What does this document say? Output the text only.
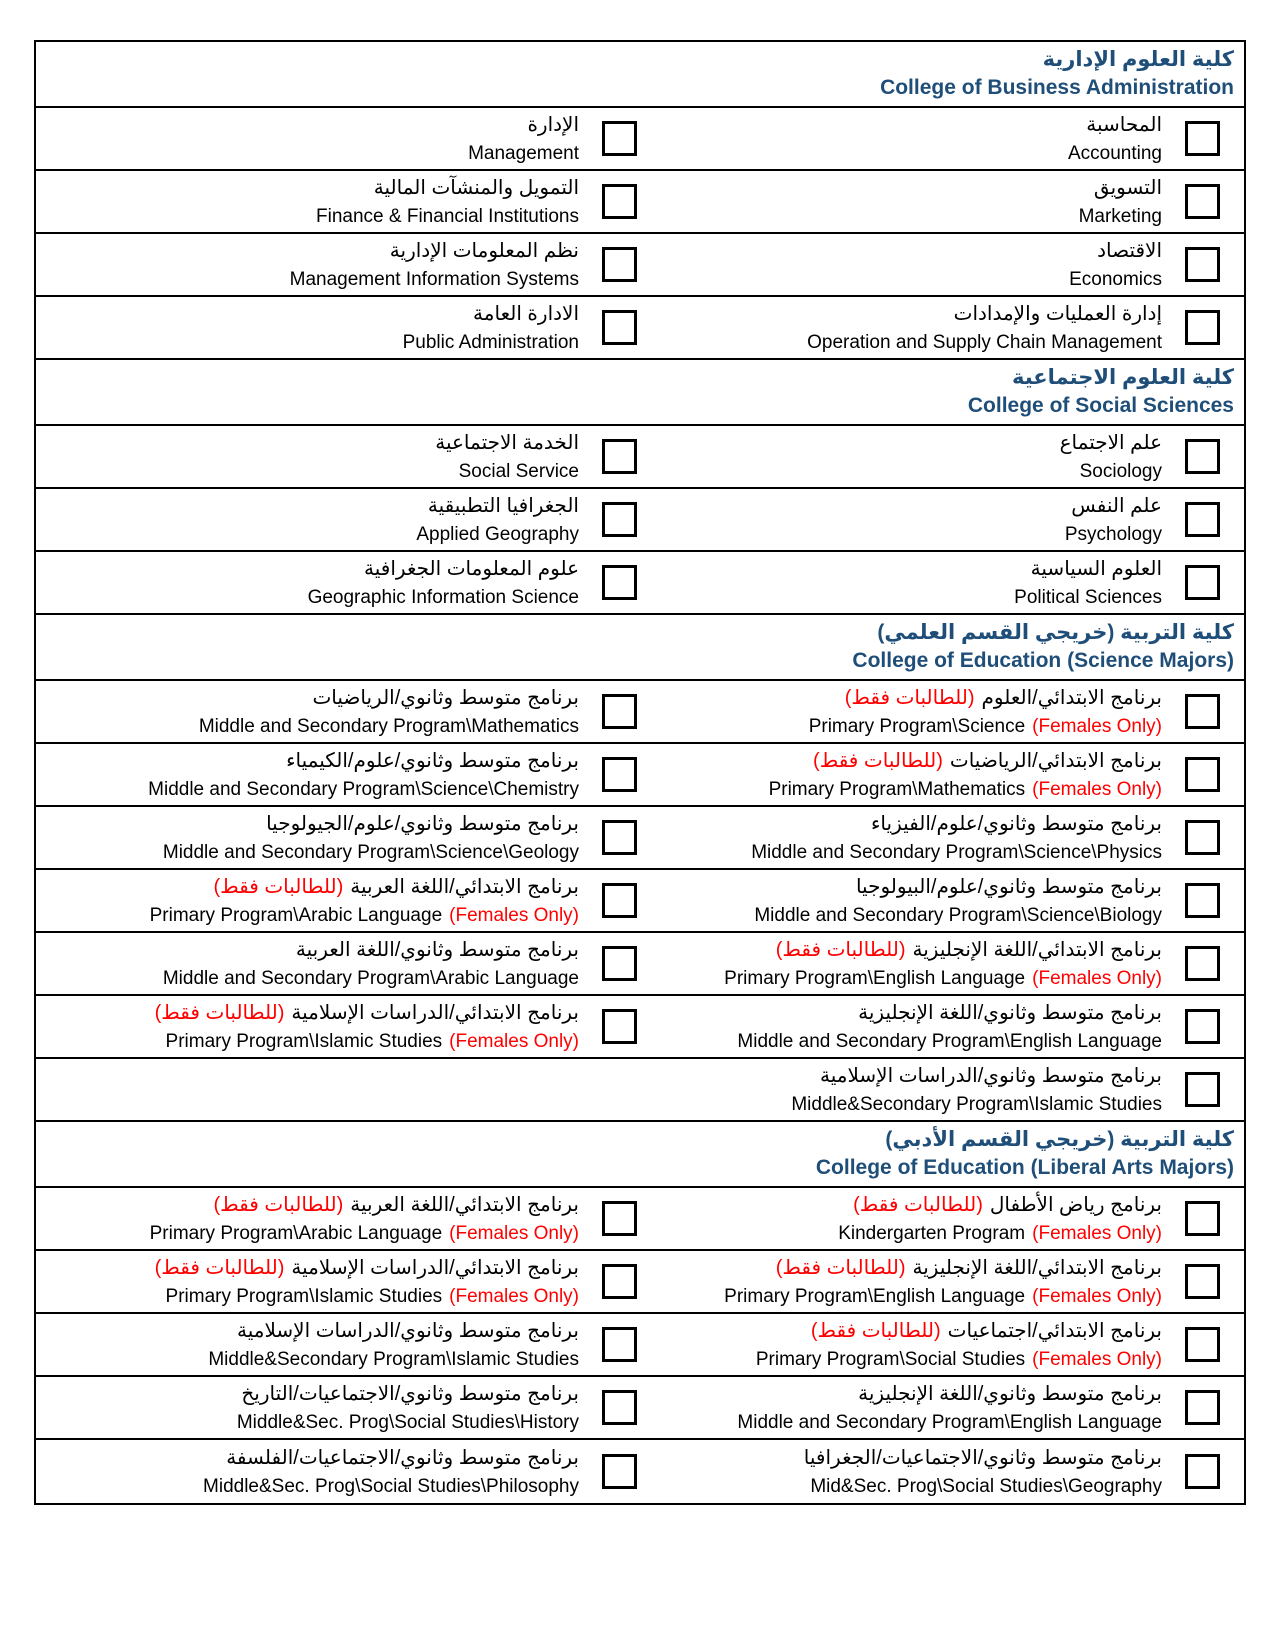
كلية العلوم الإدارية
College of Business Administration
الإدارة
Management
المحاسبة
Accounting
التمويل والمنشآت المالية
Finance & Financial Institutions
التسويق
Marketing
نظم المعلومات الإدارية
Management Information Systems
الاقتصاد
Economics
الادارة العامة
Public Administration
إدارة العمليات والإمدادات
Operation and Supply Chain Management
كلية العلوم الاجتماعية
College of Social Sciences
الخدمة الاجتماعية
Social Service
علم الاجتماع
Sociology
الجغرافيا التطبيقية
Applied Geography
علم النفس
Psychology
علوم المعلومات الجغرافية
Geographic Information Science
العلوم السياسية
Political Sciences
كلية التربية (خريجي القسم العلمي)
College of Education (Science Majors)
برنامج متوسط وثانوي/الرياضيات
Middle and Secondary Program\Mathematics
برنامج الابتدائي/العلوم(للطالبات فقط)
Primary Program\Science (Females Only)
برنامج متوسط وثانوي/علوم/الكيمياء
Middle and Secondary Program\Science\Chemistry
برنامج الابتدائي/الرياضيات(للطالبات فقط)
Primary Program\Mathematics (Females Only)
برنامج متوسط وثانوي/علوم/الجيولوجيا
Middle and Secondary Program\Science\Geology
برنامج متوسط وثانوي/علوم/الفيزياء
Middle and Secondary Program\Science\Physics
برنامج الابتدائي/اللغة العربية(للطالبات فقط)
Primary Program\Arabic Language (Females Only)
برنامج متوسط وثانوي/علوم/البيولوجيا
Middle and Secondary Program\Science\Biology
برنامج متوسط وثانوي/اللغة العربية
Middle and Secondary Program\Arabic Language
برنامج الابتدائي/اللغة الإنجليزية(للطالبات فقط)
Primary Program\English Language (Females Only)
برنامج الابتدائي/الدراسات الإسلامية(للطالبات فقط)
Primary Program\Islamic Studies (Females Only)
برنامج متوسط وثانوي/اللغة الإنجليزية
Middle and Secondary Program\English Language
برنامج متوسط وثانوي/الدراسات الإسلامية
Middle&Secondary Program\Islamic Studies
كلية التربية (خريجي القسم الأدبي)
College of Education (Liberal Arts Majors)
برنامج الابتدائي/اللغة العربية(للطالبات فقط)
Primary Program\Arabic Language (Females Only)
برنامج رياض الأطفال(للطالبات فقط)
Kindergarten Program (Females Only)
برنامج الابتدائي/الدراسات الإسلامية(للطالبات فقط)
Primary Program\Islamic Studies (Females Only)
برنامج الابتدائي/اللغة الإنجليزية(للطالبات فقط)
Primary Program\English Language (Females Only)
برنامج متوسط وثانوي/الدراسات الإسلامية
Middle&Secondary Program\Islamic Studies
برنامج الابتدائي/اجتماعيات(للطالبات فقط)
Primary Program\Social Studies (Females Only)
برنامج متوسط وثانوي/الاجتماعيات/التاريخ
Middle&Sec. Prog\Social Studies\History
برنامج متوسط وثانوي/اللغة الإنجليزية
Middle and Secondary Program\English Language
برنامج متوسط وثانوي/الاجتماعيات/الفلسفة
Middle&Sec. Prog\Social Studies\Philosophy
برنامج متوسط وثانوي/الاجتماعيات/الجغرافيا
Mid&Sec. Prog\Social Studies\Geography
